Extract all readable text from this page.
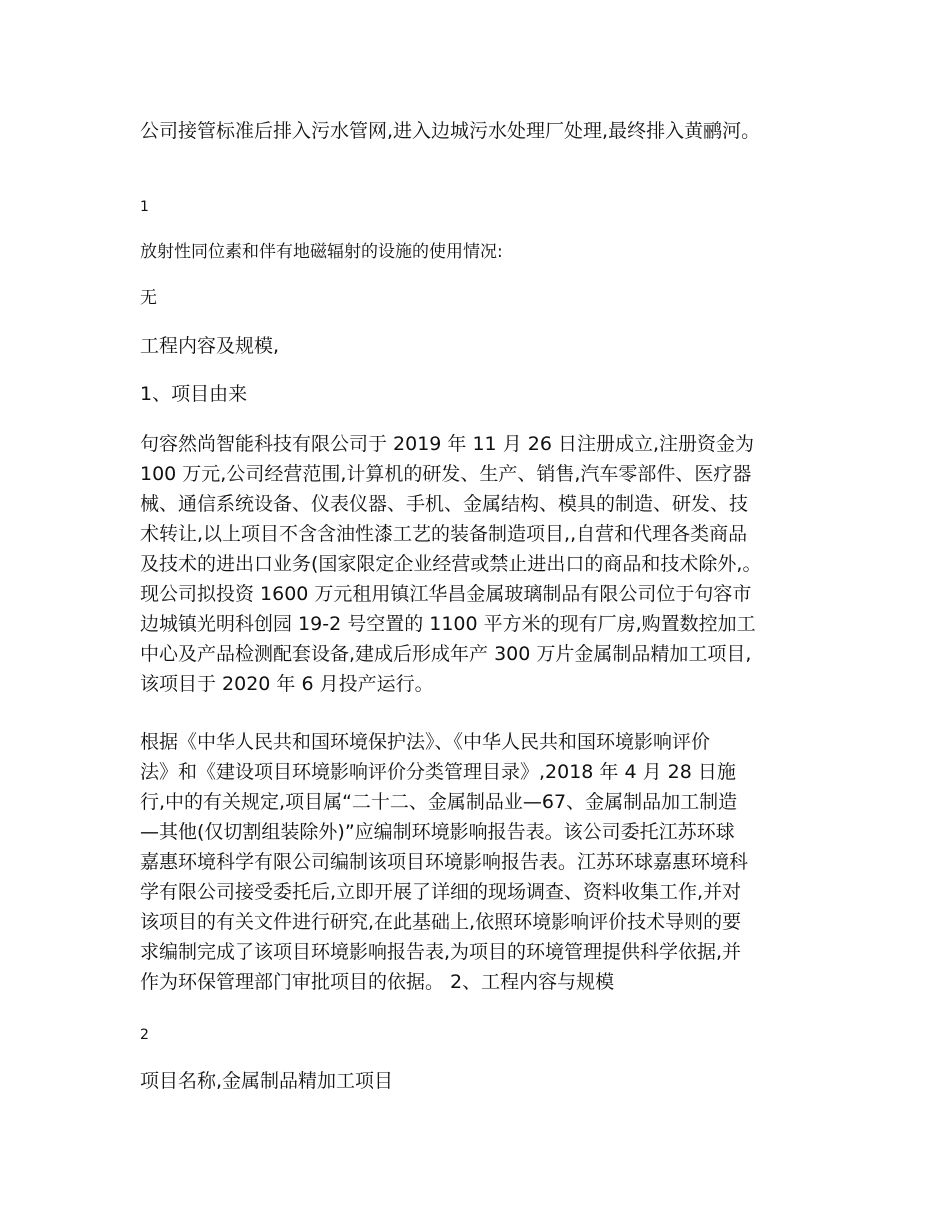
公司接管标准后排入污水管网,进入边城污水处理厂处理,最终排入黄鹂河。
1
放射性同位素和伴有地磁辐射的设施的使用情况:
无
工程内容及规模,
1、项目由来
句容然尚智能科技有限公司于 2019 年 11 月 26 日注册成立,注册资金为
100 万元,公司经营范围,计算机的研发、生产、销售,汽车零部件、医疗器
械、通信系统设备、仪表仪器、手机、金属结构、模具的制造、研发、技
术转让,以上项目不含含油性漆工艺的装备制造项目,,自营和代理各类商品
及技术的进出口业务(国家限定企业经营或禁止进出口的商品和技术除外,。
现公司拟投资 1600 万元租用镇江华昌金属玻璃制品有限公司位于句容市
边城镇光明科创园 19-2 号空置的 1100 平方米的现有厂房,购置数控加工
中心及产品检测配套设备,建成后形成年产 300 万片金属制品精加工项目,
该项目于 2020 年 6 月投产运行。
根据《中华人民共和国环境保护法》、《中华人民共和国环境影响评价
法》和《建设项目环境影响评价分类管理目录》,2018 年 4 月 28 日施
行,中的有关规定,项目属“二十二、金属制品业—67、金属制品加工制造
—其他(仅切割组装除外)”应编制环境影响报告表。该公司委托江苏环球
嘉惠环境科学有限公司编制该项目环境影响报告表。江苏环球嘉惠环境科
学有限公司接受委托后,立即开展了详细的现场调查、资料收集工作,并对
该项目的有关文件进行研究,在此基础上,依照环境影响评价技术导则的要
求编制完成了该项目环境影响报告表,为项目的环境管理提供科学依据,并
作为环保管理部门审批项目的依据。 2、工程内容与规模
2
项目名称,金属制品精加工项目
